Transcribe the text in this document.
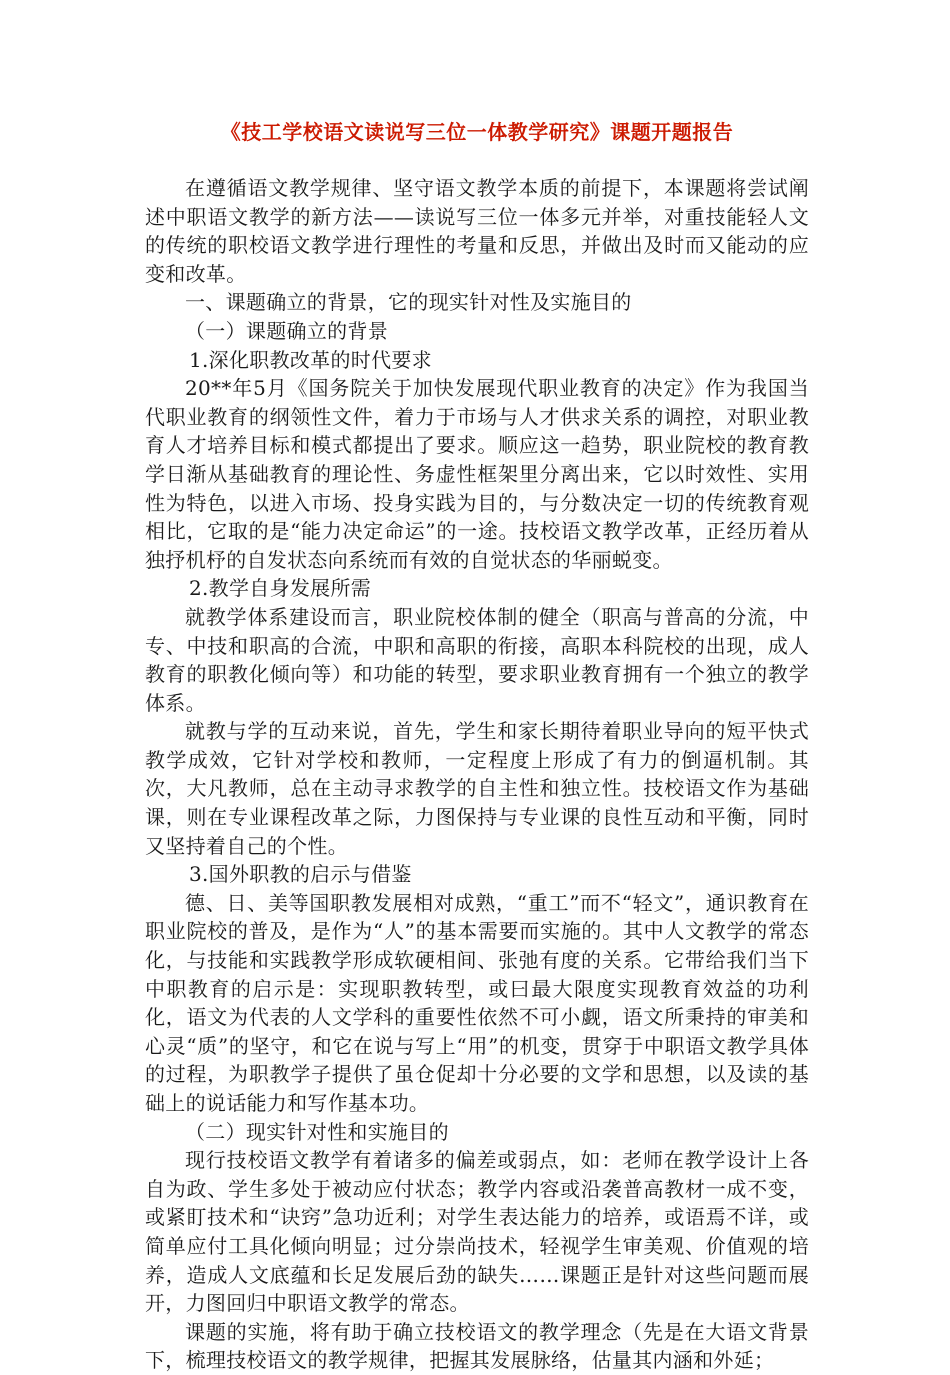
《技工学校语文读说写三位一体教学研究》课题开题报告

在遵循语文教学规律、坚守语文教学本质的前提下，本课题将尝试阐述中职语文教学的新方法——读说写三位一体多元并举，对重技能轻人文的传统的职校语文教学进行理性的考量和反思，并做出及时而又能动的应变和改革。

一、课题确立的背景，它的现实针对性及实施目的

（一）课题确立的背景

1.深化职教改革的时代要求

20**年5月《国务院关于加快发展现代职业教育的决定》作为我国当代职业教育的纲领性文件，着力于市场与人才供求关系的调控，对职业教育人才培养目标和模式都提出了要求。顺应这一趋势，职业院校的教育教学日渐从基础教育的理论性、务虚性框架里分离出来，它以时效性、实用性为特色，以进入市场、投身实践为目的，与分数决定一切的传统教育观相比，它取的是“能力决定命运”的一途。技校语文教学改革，正经历着从独抒机杼的自发状态向系统而有效的自觉状态的华丽蜕变。

2.教学自身发展所需

就教学体系建设而言，职业院校体制的健全（职高与普高的分流，中专、中技和职高的合流，中职和高职的衔接，高职本科院校的出现，成人教育的职教化倾向等）和功能的转型，要求职业教育拥有一个独立的教学体系。

就教与学的互动来说，首先，学生和家长期待着职业导向的短平快式教学成效，它针对学校和教师，一定程度上形成了有力的倒逼机制。其次，大凡教师，总在主动寻求教学的自主性和独立性。技校语文作为基础课，则在专业课程改革之际，力图保持与专业课的良性互动和平衡，同时又坚持着自己的个性。

3.国外职教的启示与借鉴

德、日、美等国职教发展相对成熟，“重工”而不“轻文”，通识教育在职业院校的普及，是作为“人”的基本需要而实施的。其中人文教学的常态化，与技能和实践教学形成软硬相间、张弛有度的关系。它带给我们当下中职教育的启示是：实现职教转型，或曰最大限度实现教育效益的功利化，语文为代表的人文学科的重要性依然不可小觑，语文所秉持的审美和心灵“质”的坚守，和它在说与写上“用”的机变，贯穿于中职语文教学具体的过程，为职教学子提供了虽仓促却十分必要的文学和思想，以及读的基础上的说话能力和写作基本功。

（二）现实针对性和实施目的

现行技校语文教学有着诸多的偏差或弱点，如：老师在教学设计上各自为政、学生多处于被动应付状态；教学内容或沿袭普高教材一成不变，或紧盯技术和“诀窍”急功近利；对学生表达能力的培养，或语焉不详，或简单应付工具化倾向明显；过分崇尚技术，轻视学生审美观、价值观的培养，造成人文底蕴和长足发展后劲的缺失……课题正是针对这些问题而展开，力图回归中职语文教学的常态。

课题的实施，将有助于确立技校语文的教学理念（先是在大语文背景下，梳理技校语文的教学规律，把握其发展脉络，估量其内涵和外延；
